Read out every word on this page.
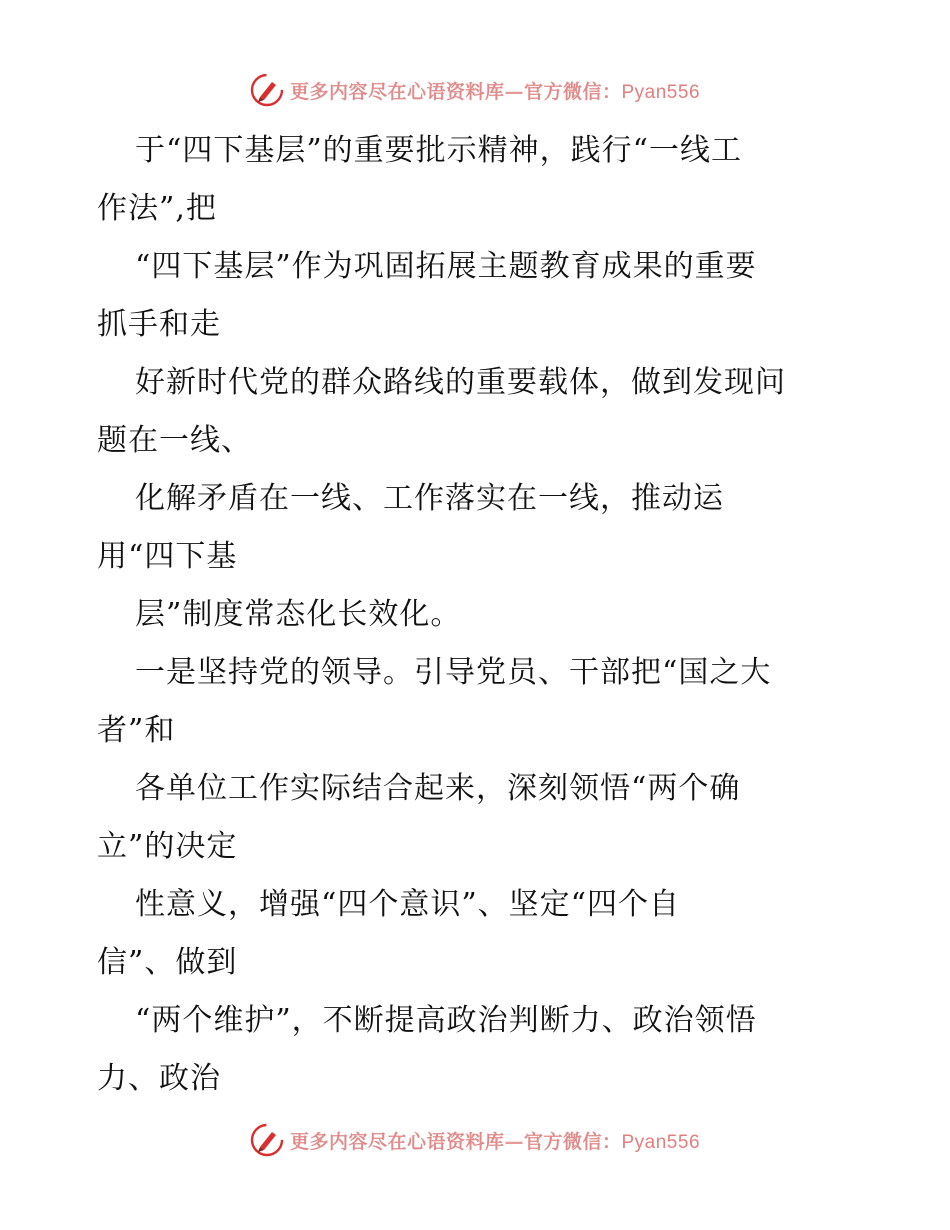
更多内容尽在心语资料库—官方微信：Pyan556
于“四下基层”的重要批示精神，践行“一线工
作法”,把
“四下基层”作为巩固拓展主题教育成果的重要
抓手和走
好新时代党的群众路线的重要载体，做到发现问
题在一线、
化解矛盾在一线、工作落实在一线，推动运
用“四下基
层”制度常态化长效化。
一是坚持党的领导。引导党员、干部把“国之大
者”和
各单位工作实际结合起来，深刻领悟“两个确
立”的决定
性意义，增强“四个意识”、坚定“四个自
信”、做到
“两个维护”，不断提高政治判断力、政治领悟
力、政治
更多内容尽在心语资料库—官方微信：Pyan556
